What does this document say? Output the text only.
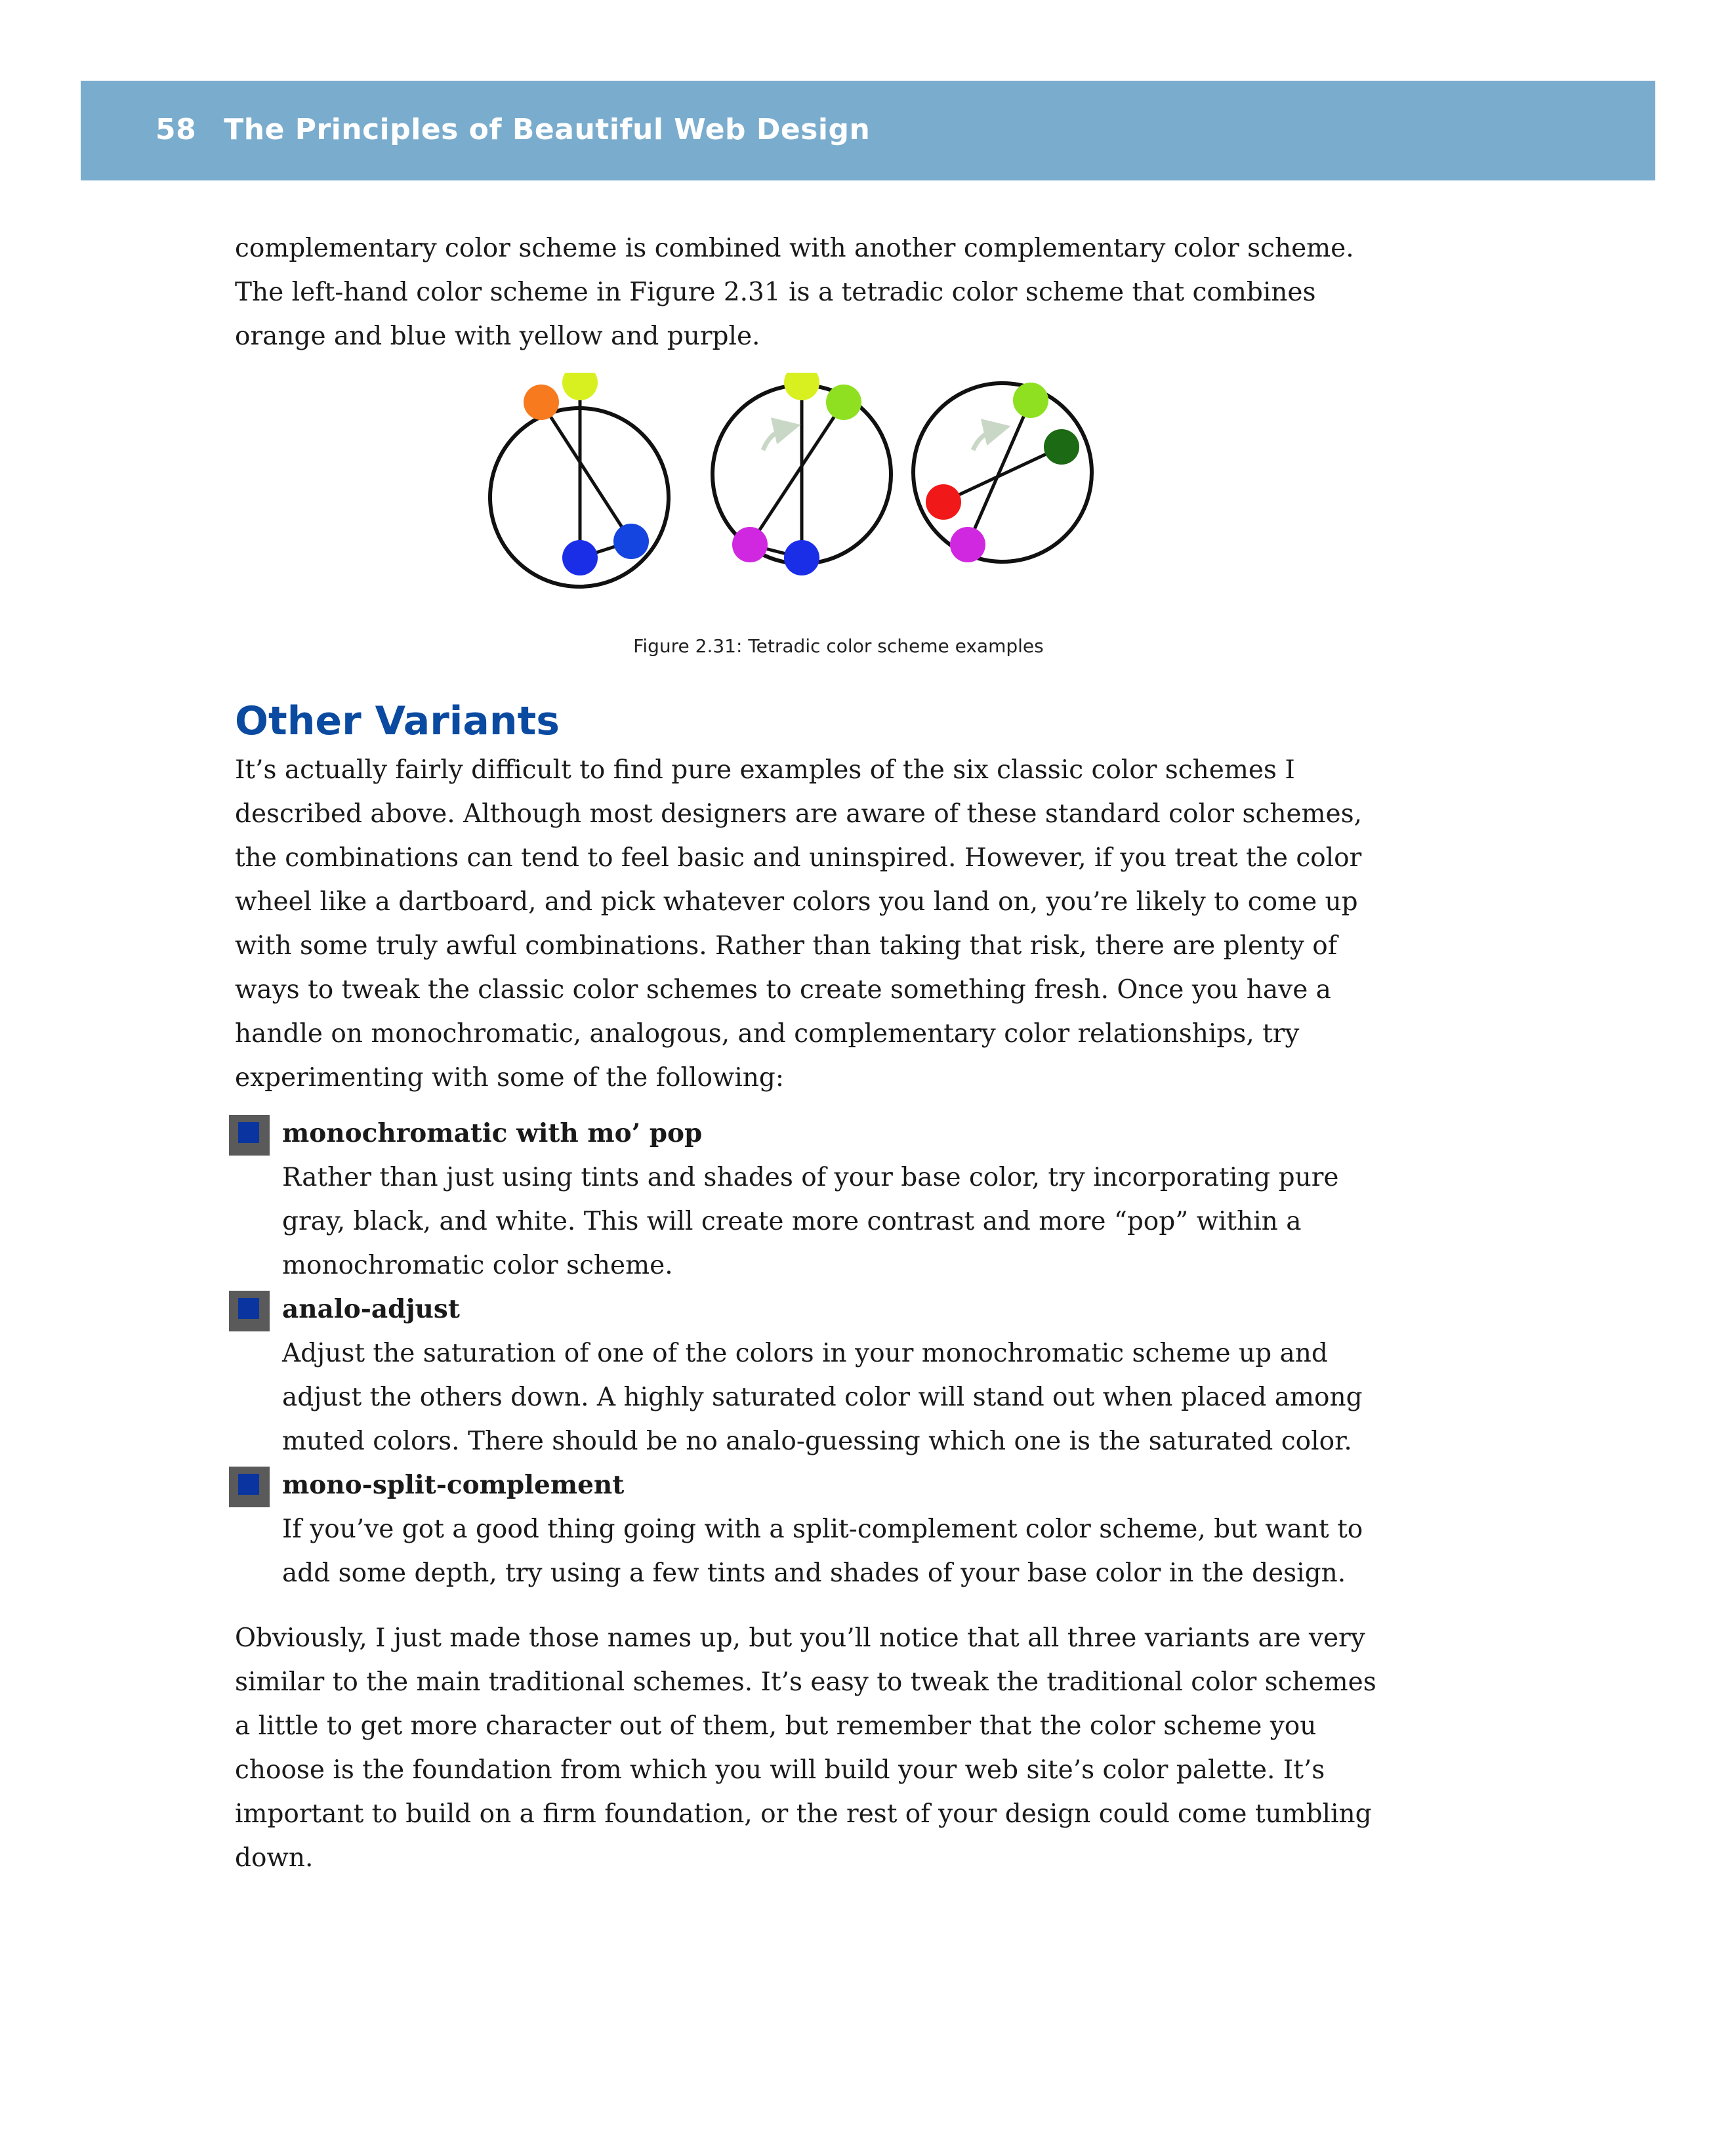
58 The Principles of Beautiful Web Design

complementary color scheme is combined with another complementary color scheme. The left-hand color scheme in Figure 2.31 is a tetradic color scheme that combines orange and blue with yellow and purple.

Figure 2.31: Tetradic color scheme examples
Other Variants

It’s actually fairly difficult to find pure examples of the six classic color schemes I described above. Although most designers are aware of these standard color schemes, the combinations can tend to feel basic and uninspired. However, if you treat the color wheel like a dartboard, and pick whatever colors you land on, you’re likely to come up with some truly awful combinations. Rather than taking that risk, there are plenty of ways to tweak the classic color schemes to create something fresh. Once you have a handle on monochromatic, analogous, and complementary color relationships, try experimenting with some of the following:

monochromatic with mo’ pop

Rather than just using tints and shades of your base color, try incorporating pure gray, black, and white. This will create more contrast and more “pop” within a monochromatic color scheme.

analo-adjust

Adjust the saturation of one of the colors in your monochromatic scheme up and adjust the others down. A highly saturated color will stand out when placed among muted colors. There should be no analo-guessing which one is the saturated color.

mono-split-complement

If you’ve got a good thing going with a split-complement color scheme, but want to add some depth, try using a few tints and shades of your base color in the design.

Obviously, I just made those names up, but you’ll notice that all three variants are very similar to the main traditional schemes. It’s easy to tweak the traditional color schemes a little to get more character out of them, but remember that the color scheme you choose is the foundation from which you will build your web site’s color palette. It’s important to build on a firm foundation, or the rest of your design could come tumbling down.
